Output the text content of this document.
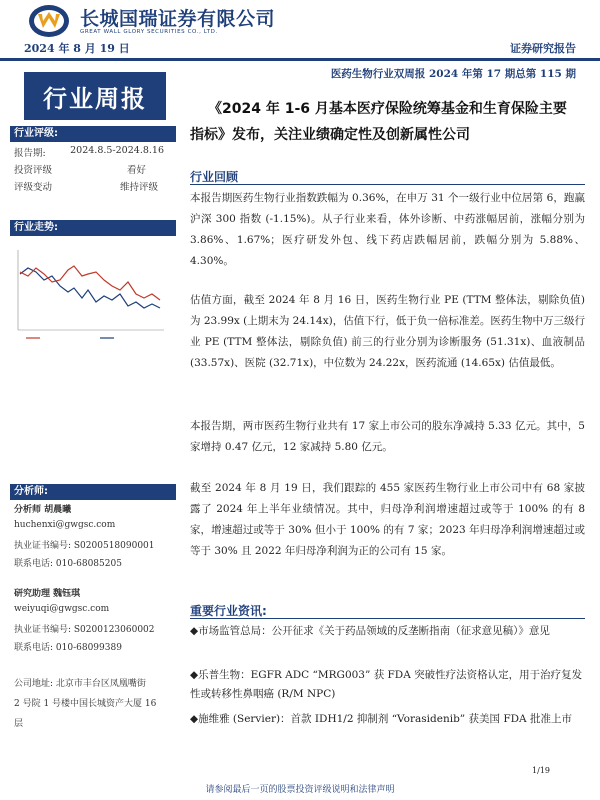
长城国瑞证券有限公司
GREAT WALL GLORY SECURITIES CO., LTD.
2024 年 8 月 19 日	证券研究报告
医药生物行业双周报 2024 年第 17 期总第 115 期
行业周报
行业评级:
报告期:	2024.8.5-2024.8.16
投资评级	看好
评级变动	维持评级
行业走势:
分析师:
分析师 胡晨曦
huchenxi@gwgsc.com
执业证书编号: S0200518090001
联系电话: 010-68085205
研究助理 魏钰琪
weiyuqi@gwgsc.com
执业证书编号: S0200123060002
联系电话: 010-68099389
公司地址: 北京市丰台区凤凰嘴街
2 号院 1 号楼中国长城资产大厦 16
层
《2024 年 1-6 月基本医疗保险统筹基金和生育保险主要
指标》发布，关注业绩确定性及创新属性公司
行业回顾
本报告期医药生物行业指数跌幅为 0.36%，在申万 31 个一级行业中位居第 6，跑赢沪深 300 指数 (-1.15%)。从子行业来看，体外诊断、中药涨幅居前，涨幅分别为 3.86%、1.67%；医疗研发外包、线下药店跌幅居前，跌幅分别为 5.88%、4.30%。
估值方面，截至 2024 年 8 月 16 日，医药生物行业 PE (TTM 整体法，剔除负值) 为 23.99x (上期末为 24.14x)，估值下行，低于负一倍标准差。医药生物中万三级行业 PE (TTM 整体法，剔除负值) 前三的行业分别为诊断服务 (51.31x)、血液制品 (33.57x)、医院 (32.71x)，中位数为 24.22x，医药流通 (14.65x) 估值最低。
本报告期，两市医药生物行业共有 17 家上市公司的股东净减持 5.33 亿元。其中，5 家增持 0.47 亿元，12 家减持 5.80 亿元。
截至 2024 年 8 月 19 日，我们跟踪的 455 家医药生物行业上市公司中有 68 家披露了 2024 年上半年业绩情况。其中，归母净利润增速超过或等于 100% 的有 8 家，增速超过或等于 30% 但小于 100% 的有 7 家；2023 年归母净利润增速超过或等于 30% 且 2022 年归母净利润为正的公司有 15 家。
重要行业资讯:
◆市场监管总局：公开征求《关于药品领域的反垄断指南（征求意见稿）》意见
◆乐普生物：EGFR ADC “MRG003” 获 FDA 突破性疗法资格认定，用于治疗复发性或转移性鼻咽癌 (R/M NPC)
◆施维雅 (Servier)：首款 IDH1/2 抑制剂 “Vorasidenib” 获美国 FDA 批准上市
1/19
请参阅最后一页的股票投资评级说明和法律声明
